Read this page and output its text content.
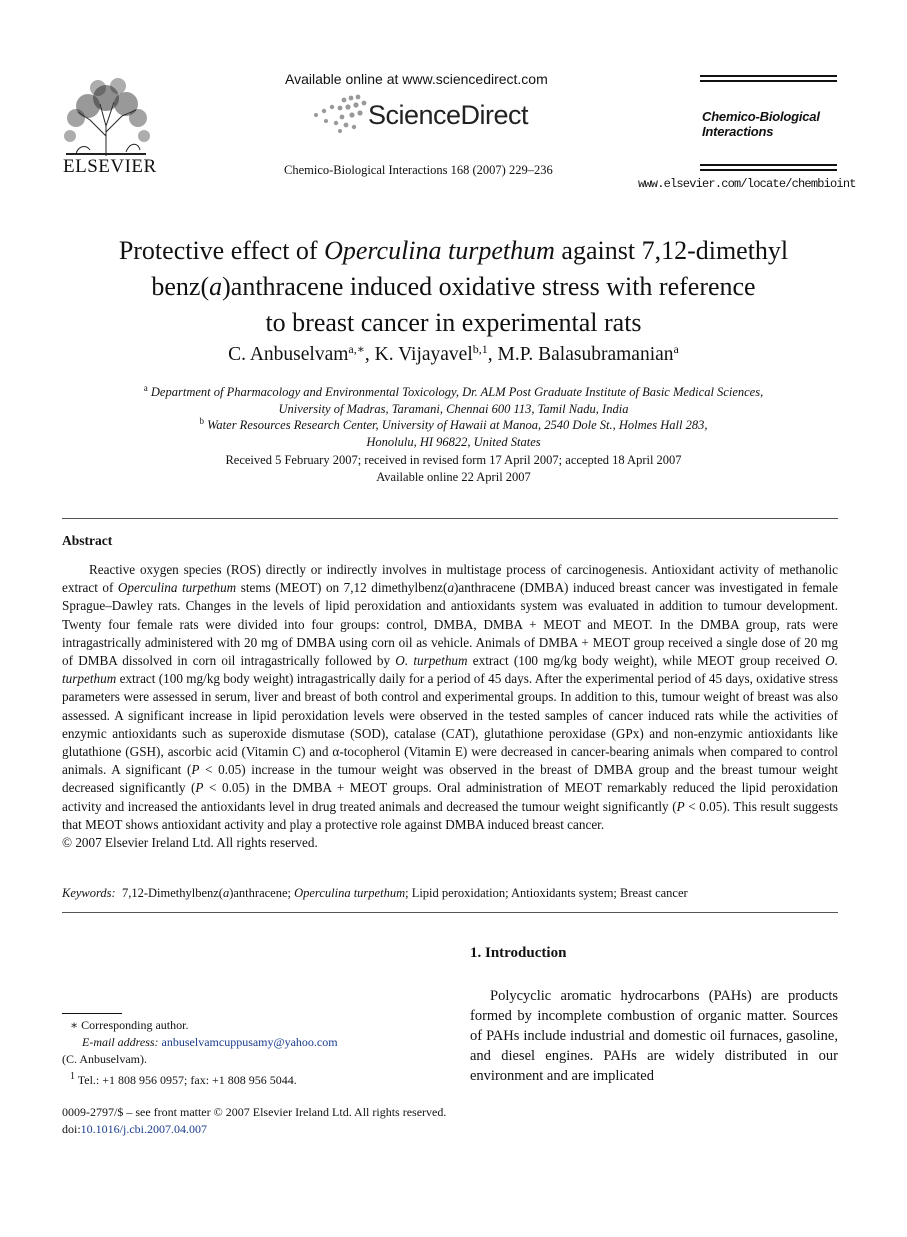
ELSEVIER
Available online at www.sciencedirect.com
ScienceDirect
Chemico-Biological Interactions 168 (2007) 229–236
Chemico-Biological
Interactions
www.elsevier.com/locate/chembioint
Protective effect of Operculina turpethum against 7,12-dimethyl
benz(a)anthracene induced oxidative stress with reference
to breast cancer in experimental rats
C. Anbuselvam$^{a,∗}$, K. Vijayavel$^{b,1}$, M.P. Balasubramanian$^a$
$^a$ Department of Pharmacology and Environmental Toxicology, Dr. ALM Post Graduate Institute of Basic Medical Sciences,
University of Madras, Taramani, Chennai 600 113, Tamil Nadu, India
$^b$ Water Resources Research Center, University of Hawaii at Manoa, 2540 Dole St., Holmes Hall 283,
Honolulu, HI 96822, United States
Received 5 February 2007; received in revised form 17 April 2007; accepted 18 April 2007
Available online 22 April 2007
Abstract
Reactive oxygen species (ROS) directly or indirectly involves in multistage process of carcinogenesis. Antioxidant activity of methanolic extract of Operculina turpethum stems (MEOT) on 7,12 dimethylbenz(a)anthracene (DMBA) induced breast cancer was investigated in female Sprague–Dawley rats. Changes in the levels of lipid peroxidation and antioxidants system was evaluated in addition to tumour development. Twenty four female rats were divided into four groups: control, DMBA, DMBA + MEOT and MEOT. In the DMBA group, rats were intragastrically administered with 20 mg of DMBA using corn oil as vehicle. Animals of DMBA + MEOT group received a single dose of 20 mg of DMBA dissolved in corn oil intragastrically followed by O. turpethum extract (100 mg/kg body weight), while MEOT group received O. turpethum extract (100 mg/kg body weight) intragastrically daily for a period of 45 days. After the experimental period of 45 days, oxidative stress parameters were assessed in serum, liver and breast of both control and experimental groups. In addition to this, tumour weight of breast was also assessed. A significant increase in lipid peroxidation levels were observed in the tested samples of cancer induced rats while the activities of enzymic antioxidants such as superoxide dismutase (SOD), catalase (CAT), glutathione peroxidase (GPx) and non-enzymic antioxidants like glutathione (GSH), ascorbic acid (Vitamin C) and α-tocopherol (Vitamin E) were decreased in cancer-bearing animals when compared to control animals. A significant (P < 0.05) increase in the tumour weight was observed in the breast of DMBA group and the breast tumour weight decreased significantly (P < 0.05) in the DMBA + MEOT groups. Oral administration of MEOT remarkably reduced the lipid peroxidation activity and increased the antioxidants level in drug treated animals and decreased the tumour weight significantly (P < 0.05). This result suggests that MEOT shows antioxidant activity and play a protective role against DMBA induced breast cancer.
© 2007 Elsevier Ireland Ltd. All rights reserved.
Keywords: 7,12-Dimethylbenz(a)anthracene; Operculina turpethum; Lipid peroxidation; Antioxidants system; Breast cancer
1. Introduction
Polycyclic aromatic hydrocarbons (PAHs) are products formed by incomplete combustion of organic matter. Sources of PAHs include industrial and domestic oil furnaces, gasoline, and diesel engines. PAHs are widely distributed in our environment and are implicated
∗ Corresponding author.
E-mail address: anbuselvamcuppusamy@yahoo.com
(C. Anbuselvam).
$^1$ Tel.: +1 808 956 0957; fax: +1 808 956 5044.
0009-2797/$ – see front matter © 2007 Elsevier Ireland Ltd. All rights reserved.
doi:10.1016/j.cbi.2007.04.007
